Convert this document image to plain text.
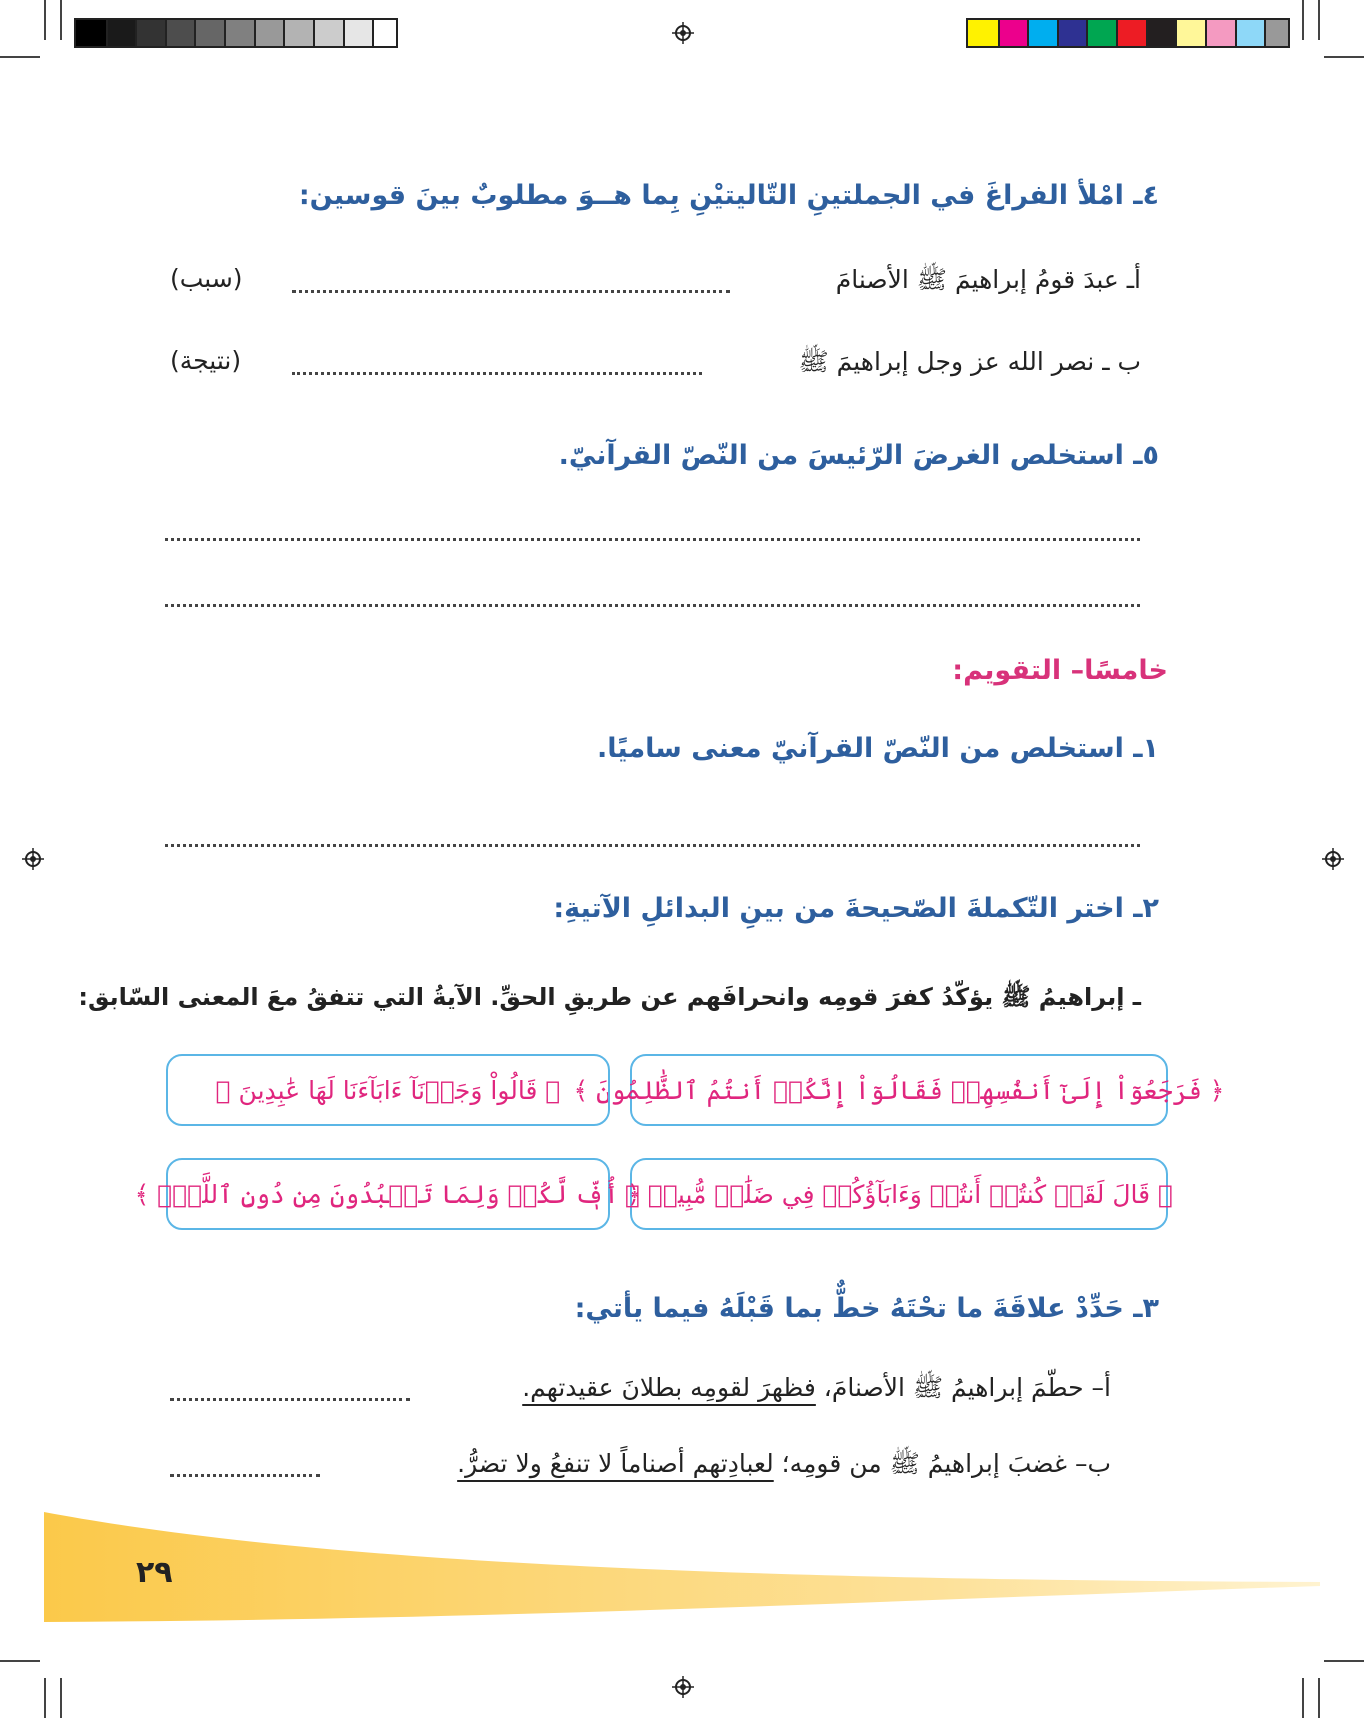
٤ـ امْلأ الفراغَ في الجملتينِ التّاليتيْنِ بِما هــوَ مطلوبٌ بينَ قوسين:
أـ عبدَ قومُ إبراهيمَ ﷺ الأصنامَ
(سبب)
ب ـ نصر الله عز وجل إبراهيمَ ﷺ
(نتيجة)
٥ـ استخلص الغرضَ الرّئيسَ من النّصّ القرآنيّ.
خامسًا– التقويم:
١ـ استخلص من النّصّ القرآنيّ معنى ساميًا.
٢ـ اختر التّكملةَ الصّحيحةَ من بينِ البدائلِ الآتيةِ:
ـ إبراهيمُ ﷺ يؤكّدُ كفرَ قومِه وانحرافَهم عن طريقِ الحقِّ. الآيةُ التي تتفقُ معَ المعنى السّابق:
﴿ فَرَجَعُوٓاْ إِلَىٰٓ أَنفُسِهِمۡ فَقَالُوٓاْ إِنَّكُمۡ أَنتُمُ ٱلظَّٰلِمُونَ ﴾
﴿ قَالُواْ وَجَدۡنَآ ءَابَآءَنَا لَهَا عَٰبِدِينَ ﴾
﴿ قَالَ لَقَدۡ كُنتُمۡ أَنتُمۡ وَءَابَآؤُكُمۡ فِي ضَلَٰلٖ مُّبِينٖ ﴾
﴿ أُفّٖ لَّكُمۡ وَلِمَا تَعۡبُدُونَ مِن دُونِ ٱللَّهِۚ ﴾
٣ـ حَدِّدْ علاقَةَ ما تحْتَهُ خطٌّ بما قَبْلَهُ فيما يأتي:
أ– حطّمَ إبراهيمُ ﷺ الأصنامَ، فظهرَ لقومِه بطلانَ عقيدتهم.
ب– غضبَ إبراهيمُ ﷺ من قومِه؛ لعبادِتهم أصناماً لا تنفعُ ولا تضرُّ.
٢٩
